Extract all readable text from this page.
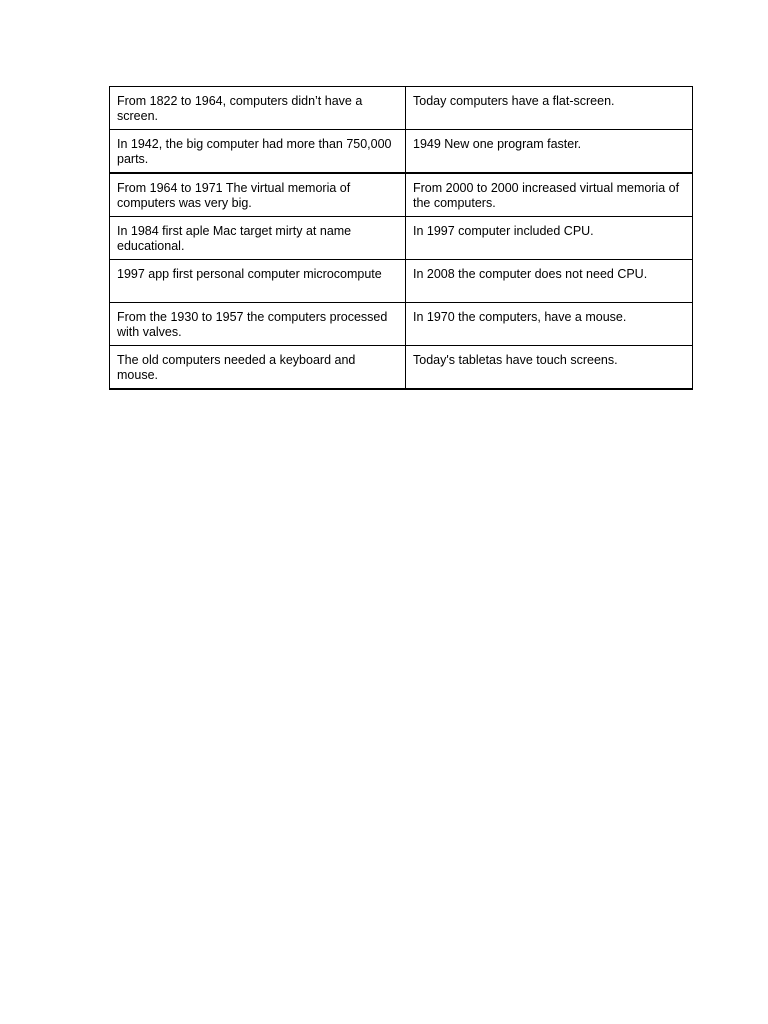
From 1822 to 1964, computers didn’t have a screen.	Today computers have a flat-screen.
In 1942, the big computer had more than 750,000 parts.	1949 New one program faster.
From 1964 to 1971 The virtual memoria of computers was very big.	From 2000 to 2000 increased virtual memoria of the computers.
In 1984 first aple Mac target mirty at name educational.	In 1997 computer included CPU.
1997 app first personal computer microcompute	In 2008 the computer does not need CPU.
From the 1930 to 1957 the computers processed with valves.	In 1970 the computers, have a mouse.
The old computers needed a keyboard and mouse.	Today's tabletas have touch screens.
